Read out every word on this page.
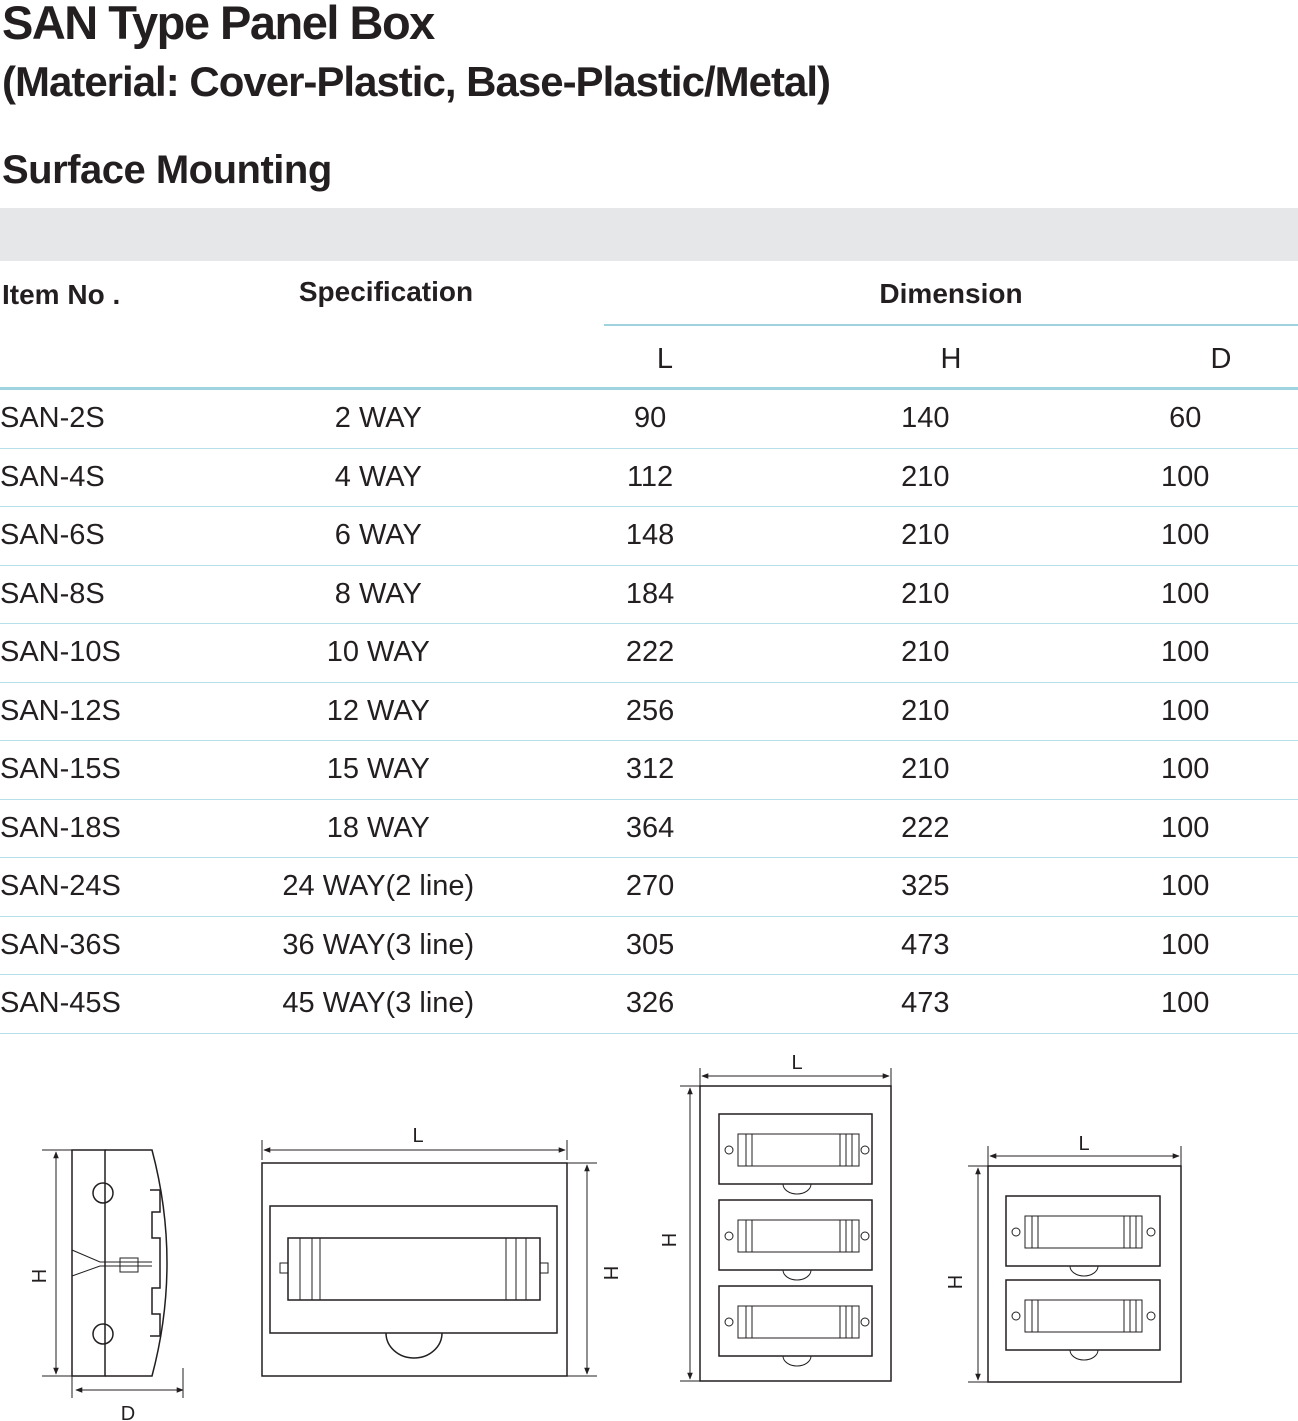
SAN Type Panel Box
(Material: Cover-Plastic, Base-Plastic/Metal)
Surface Mounting
Item No .	Specification	Dimension
L	H	D
SAN-2S	2 WAY	90	140	60
SAN-4S	4 WAY	112	210	100
SAN-6S	6 WAY	148	210	100
SAN-8S	8 WAY	184	210	100
SAN-10S	10 WAY	222	210	100
SAN-12S	12 WAY	256	210	100
SAN-15S	15 WAY	312	210	100
SAN-18S	18 WAY	364	222	100
SAN-24S	24 WAY(2 line)	270	325	100
SAN-36S	36 WAY(3 line)	305	473	100
SAN-45S	45 WAY(3 line)	326	473	100
H
D
L
H
L
H
L
H
